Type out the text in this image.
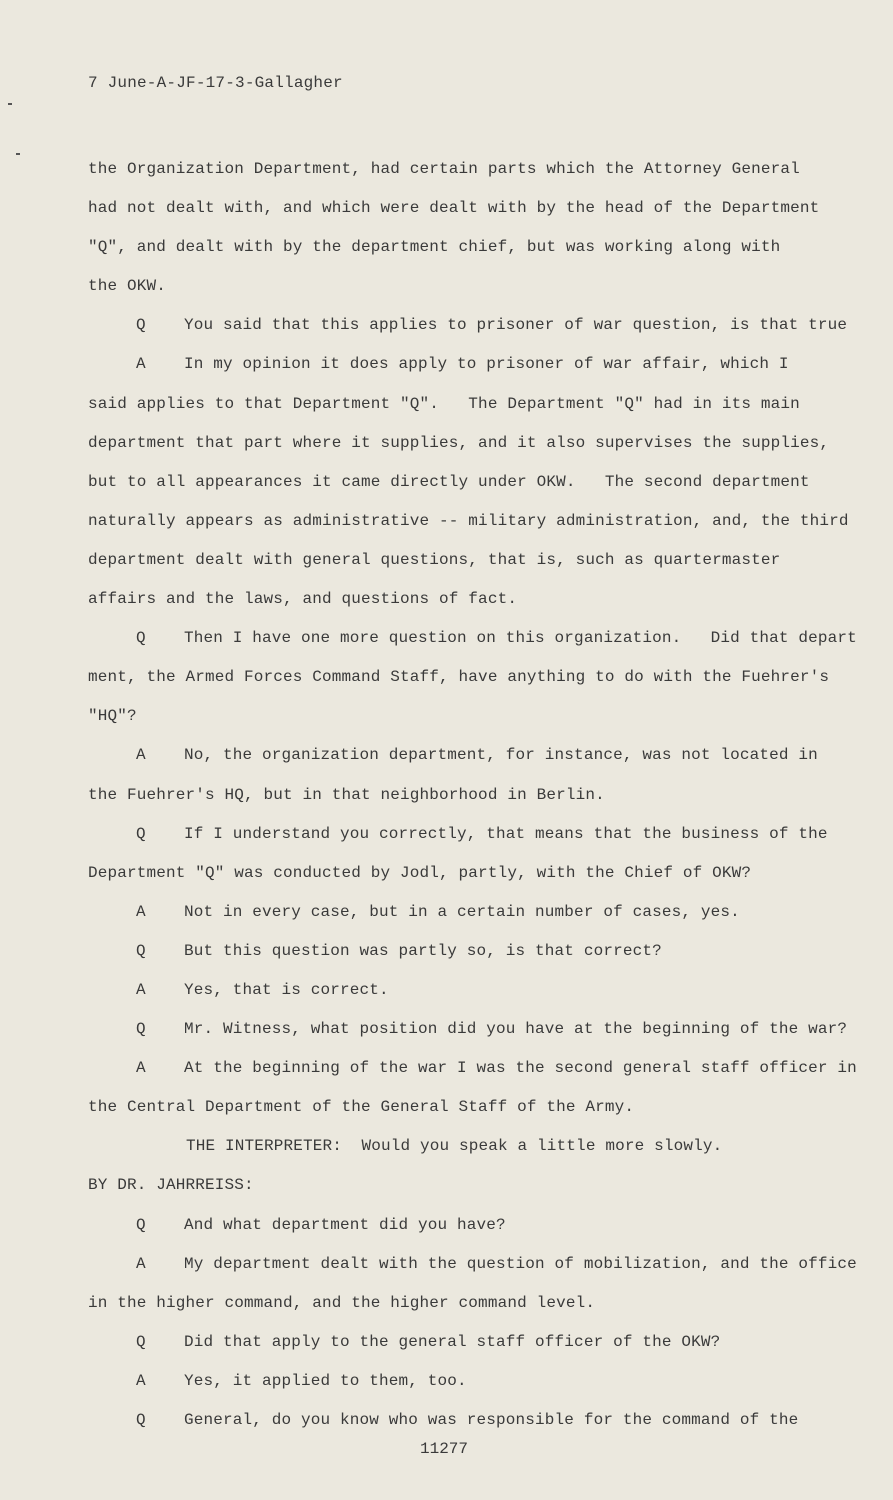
7 June-A-JF-17-3-Gallagher
the Organization Department, had certain parts which the Attorney General
had not dealt with, and which were dealt with by the head of the Department
"Q", and dealt with by the department chief, but was working along with
the OKW.
Q You said that this applies to prisoner of war question, is that true
A In my opinion it does apply to prisoner of war affair, which I
said applies to that Department "Q".   The Department "Q" had in its main
department that part where it supplies, and it also supervises the supplies,
but to all appearances it came directly under OKW.   The second department
naturally appears as administrative -- military administration, and, the third
department dealt with general questions, that is, such as quartermaster
affairs and the laws, and questions of fact.
Q Then I have one more question on this organization.   Did that depart
ment, the Armed Forces Command Staff, have anything to do with the Fuehrer's
"HQ"?
A No, the organization department, for instance, was not located in
the Fuehrer's HQ, but in that neighborhood in Berlin.
Q If I understand you correctly, that means that the business of the
Department "Q" was conducted by Jodl, partly, with the Chief of OKW?
A Not in every case, but in a certain number of cases, yes.
Q But this question was partly so, is that correct?
A Yes, that is correct.
Q Mr. Witness, what position did you have at the beginning of the war?
A At the beginning of the war I was the second general staff officer in
the Central Department of the General Staff of the Army.
THE INTERPRETER:  Would you speak a little more slowly.
BY DR. JAHRREISS:
Q And what department did you have?
A My department dealt with the question of mobilization, and the office
in the higher command, and the higher command level.
Q Did that apply to the general staff officer of the OKW?
A Yes, it applied to them, too.
Q General, do you know who was responsible for the command of the
11277
